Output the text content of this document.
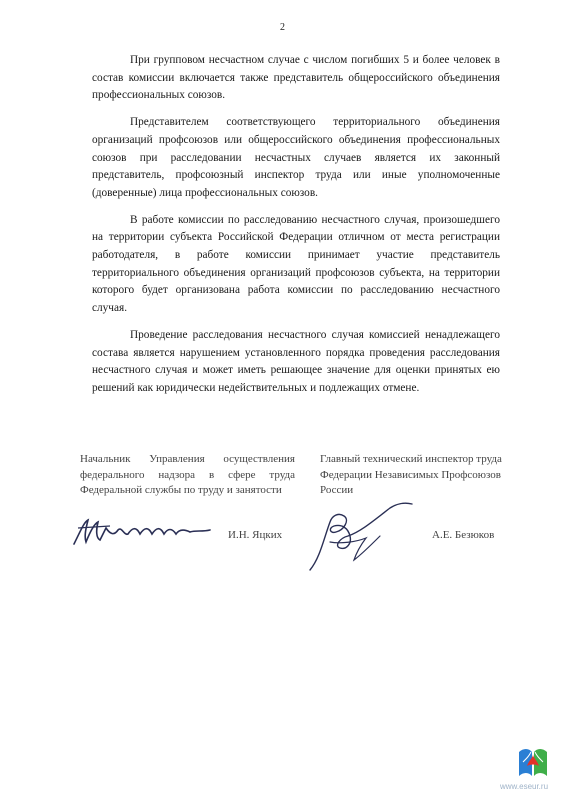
2

При групповом несчастном случае с числом погибших 5 и более человек в состав комиссии включается также представитель общероссийского объединения профессиональных союзов.

Представителем соответствующего территориального объединения организаций профсоюзов или общероссийского объединения профессиональных союзов при расследовании несчастных случаев является их законный представитель, профсоюзный инспектор труда или иные уполномоченные (доверенные) лица профессиональных союзов.

В работе комиссии по расследованию несчастного случая, произошедшего на территории субъекта Российской Федерации отличном от места регистрации работодателя, в работе комиссии принимает участие представитель территориального объединения организаций профсоюзов субъекта, на территории которого будет организована работа комиссии по расследованию несчастного случая.

Проведение расследования несчастного случая комиссией ненадлежащего состава является нарушением установленного порядка проведения расследования несчастного случая и может иметь решающее значение для оценки принятых ею решений как юридически недействительных и подлежащих отмене.

Начальник Управления осуществления федерального надзора в сфере труда Федеральной службы по труду и занятости
Главный технический инспектор труда Федерации Независимых Профсоюзов России
И.Н. Яцких	А.Е. Безюков
www.eseur.ru
